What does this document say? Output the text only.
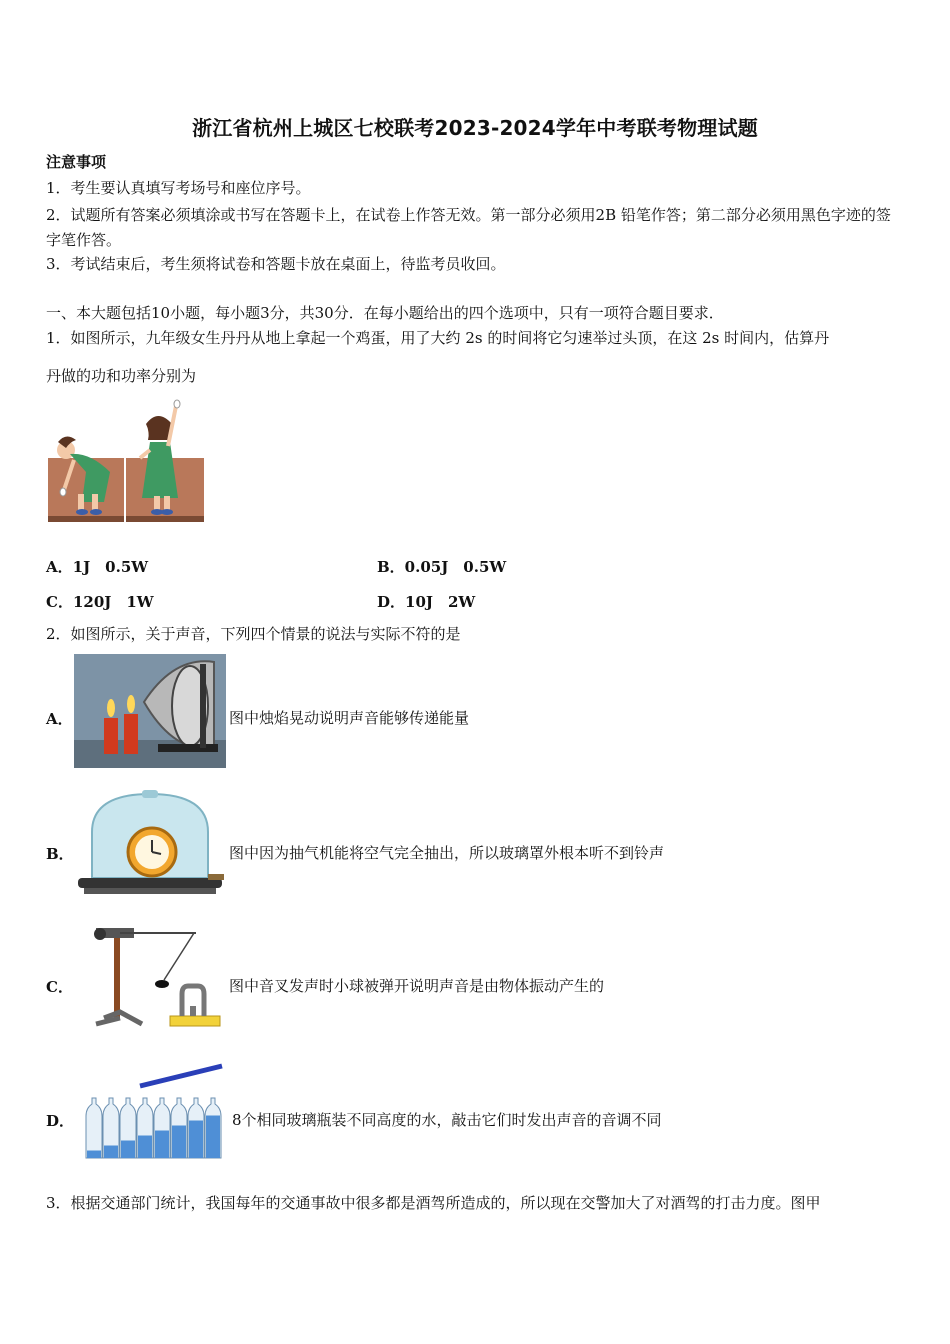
浙江省杭州上城区七校联考2023-2024学年中考联考物理试题
注意事项
1．考生要认真填写考场号和座位序号。
2．试题所有答案必须填涂或书写在答题卡上，在试卷上作答无效。第一部分必须用2B 铅笔作答；第二部分必须用黑色字迹的签字笔作答。
3．考试结束后，考生须将试卷和答题卡放在桌面上，待监考员收回。
一、本大题包括10小题，每小题3分，共30分．在每小题给出的四个选项中，只有一项符合题目要求．
1．如图所示，九年级女生丹丹从地上拿起一个鸡蛋，用了大约 2s 的时间将它匀速举过头顶，在这 2s 时间内，估算丹
丹做的功和功率分别为
A．1J　0.5W	B．0.05J　0.5W
C．120J　1W	D．10J　2W
2．如图所示，关于声音，下列四个情景的说法与实际不符的是
A．	图中烛焰晃动说明声音能够传递能量
B．	图中因为抽气机能将空气完全抽出，所以玻璃罩外根本听不到铃声
C．	图中音叉发声时小球被弹开说明声音是由物体振动产生的
D．	8个相同玻璃瓶装不同高度的水，敲击它们时发出声音的音调不同
3．根据交通部门统计，我国每年的交通事故中很多都是酒驾所造成的，所以现在交警加大了对酒驾的打击力度。图甲
